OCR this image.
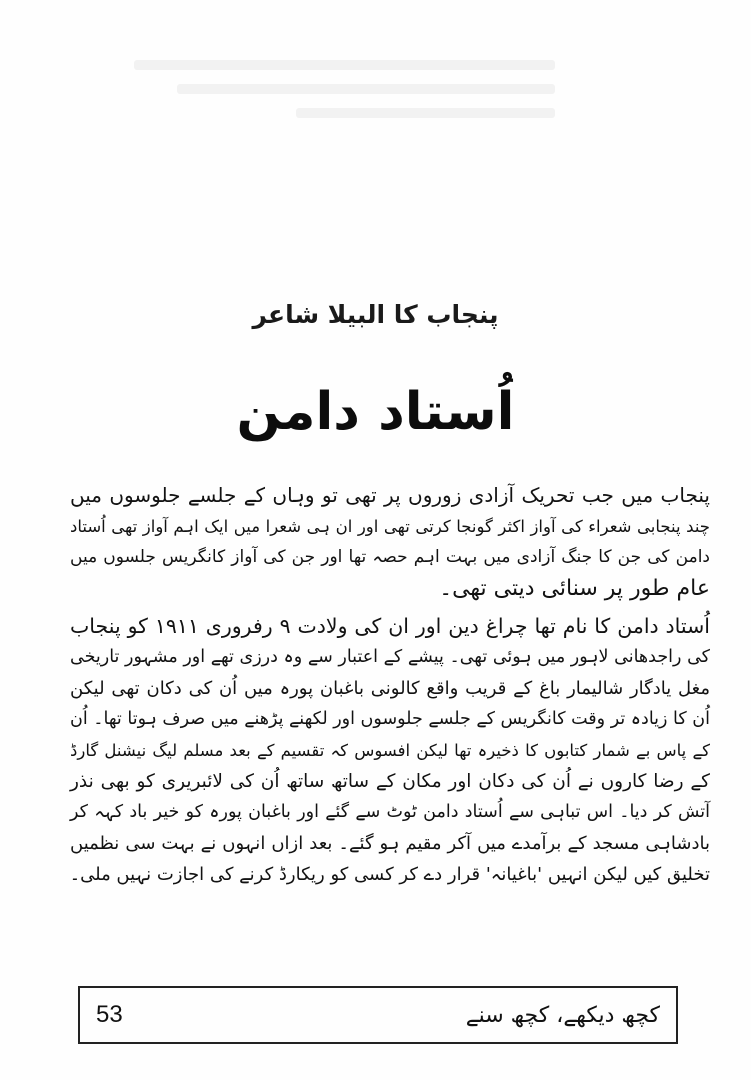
پنجاب کا البیلا شاعر
اُستاد دامن
پنجاب میں جب تحریک آزادی زوروں پر تھی تو وہاں کے جلسے جلوسوں میں
چند پنجابی شعراء کی آواز اکثر گونجا کرتی تھی اور ان ہی شعرا میں ایک اہم آواز تھی اُستاد
دامن کی جن کا جنگ آزادی میں بہت اہم حصہ تھا اور جن کی آواز کانگریس جلسوں میں
عام طور پر سنائی دیتی تھی۔
اُستاد دامن کا نام تھا چراغ دین اور ان کی ولادت ۹ رفروری ۱۹۱۱ کو پنجاب
کی راجدھانی لاہور میں ہوئی تھی۔ پیشے کے اعتبار سے وہ درزی تھے اور مشہور تاریخی
مغل یادگار شالیمار باغ کے قریب واقع کالونی باغبان پورہ میں اُن کی دکان تھی لیکن
اُن کا زیادہ تر وقت کانگریس کے جلسے جلوسوں اور لکھنے پڑھنے میں صرف ہوتا تھا۔ اُن
کے پاس بے شمار کتابوں کا ذخیرہ تھا لیکن افسوس کہ تقسیم کے بعد مسلم لیگ نیشنل گارڈ
کے رضا کاروں نے اُن کی دکان اور مکان کے ساتھ ساتھ اُن کی لائبریری کو بھی نذر
آتش کر دیا۔ اس تباہی سے اُستاد دامن ٹوٹ سے گئے اور باغبان پورہ کو خیر باد کہہ کر
بادشاہی مسجد کے برآمدے میں آکر مقیم ہو گئے۔ بعد ازاں انہوں نے بہت سی نظمیں
تخلیق کیں لیکن انہیں 'باغیانہ' قرار دے کر کسی کو ریکارڈ کرنے کی اجازت نہیں ملی۔
53	کچھ دیکھے، کچھ سنے
